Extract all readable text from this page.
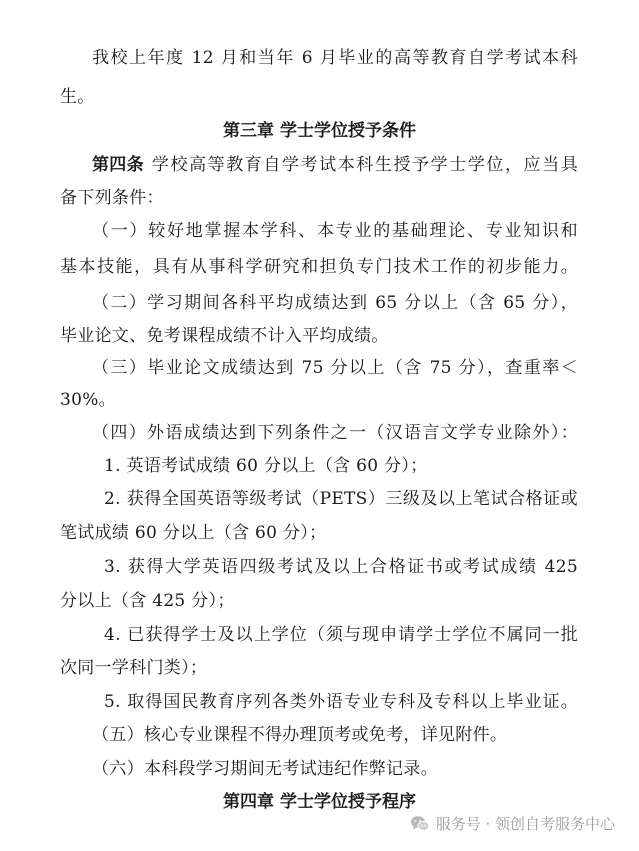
我校上年度 12 月和当年 6 月毕业的高等教育自学考试本科
生。
第三章 学士学位授予条件
第四条 学校高等教育自学考试本科生授予学士学位，应当具
备下列条件：
（一）较好地掌握本学科、本专业的基础理论、专业知识和
基本技能，具有从事科学研究和担负专门技术工作的初步能力。
（二）学习期间各科平均成绩达到 65 分以上（含 65 分），
毕业论文、免考课程成绩不计入平均成绩。
（三）毕业论文成绩达到 75 分以上（含 75 分），查重率＜
30%。
（四）外语成绩达到下列条件之一（汉语言文学专业除外）：
1. 英语考试成绩 60 分以上（含 60 分）；
2. 获得全国英语等级考试（PETS）三级及以上笔试合格证或
笔试成绩 60 分以上（含 60 分）；
3. 获得大学英语四级考试及以上合格证书或考试成绩 425
分以上（含 425 分）；
4. 已获得学士及以上学位（须与现申请学士学位不属同一批
次同一学科门类）；
5. 取得国民教育序列各类外语专业专科及专科以上毕业证。
（五）核心专业课程不得办理顶考或免考，详见附件。
（六）本科段学习期间无考试违纪作弊记录。
第四章 学士学位授予程序
服务号 · 领创自考服务中心
